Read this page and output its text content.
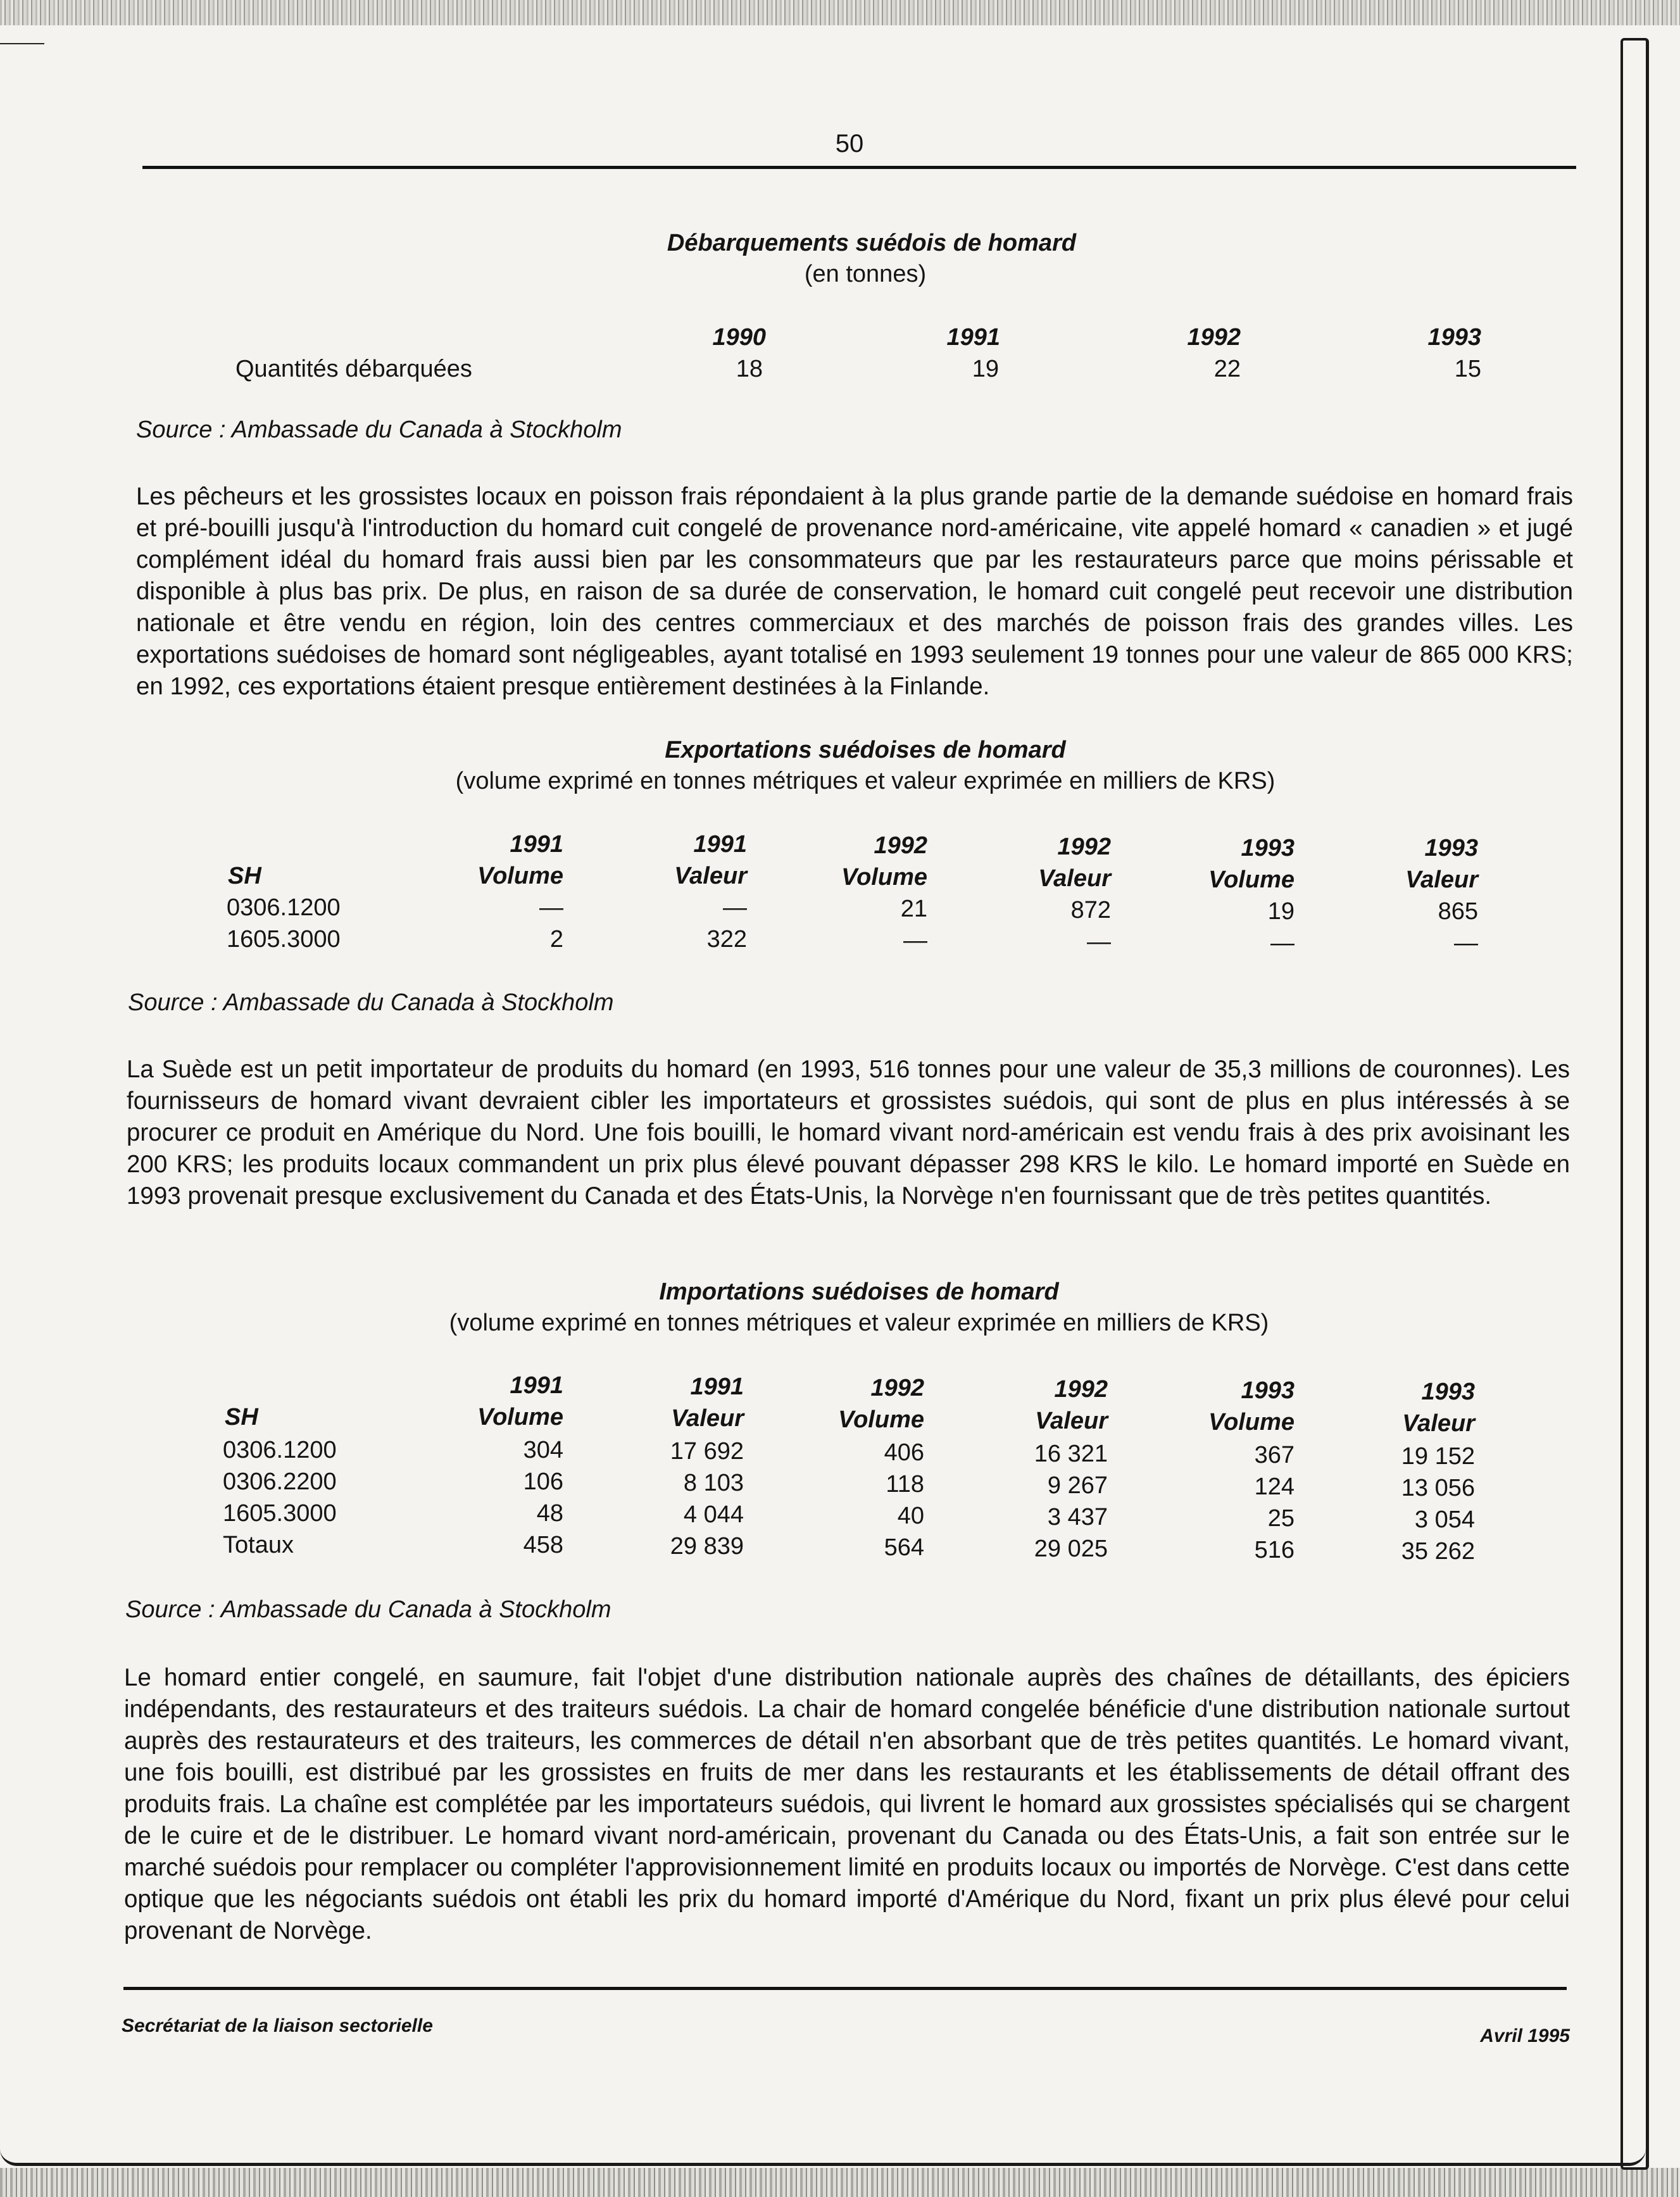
50
Débarquements suédois de homard
(en tonnes)
1990	1991	1992	1993
Quantités débarquées	18	19	22	15
Source : Ambassade du Canada à Stockholm
Les pêcheurs et les grossistes locaux en poisson frais répondaient à la plus grande partie de la demande suédoise en homard frais et pré-bouilli jusqu'à l'introduction du homard cuit congelé de provenance nord-américaine, vite appelé homard « canadien » et jugé complément idéal du homard frais aussi bien par les consommateurs que par les restaurateurs parce que moins périssable et disponible à plus bas prix. De plus, en raison de sa durée de conservation, le homard cuit congelé peut recevoir une distribution nationale et être vendu en région, loin des centres commerciaux et des marchés de poisson frais des grandes villes. Les exportations suédoises de homard sont négligeables, ayant totalisé en 1993 seulement 19 tonnes pour une valeur de 865 000 KRS; en 1992, ces exportations étaient presque entièrement destinées à la Finlande.
Exportations suédoises de homard
(volume exprimé en tonnes métriques et valeur exprimée en milliers de KRS)
1991	1991	1992	1992	1993	1993
SH	Volume	Valeur	Volume	Valeur	Volume	Valeur
0306.1200	—	—	21	872	19	865
1605.3000	2	322	—	—	—	—
Source : Ambassade du Canada à Stockholm
La Suède est un petit importateur de produits du homard (en 1993, 516 tonnes pour une valeur de 35,3 millions de couronnes). Les fournisseurs de homard vivant devraient cibler les importateurs et grossistes suédois, qui sont de plus en plus intéressés à se procurer ce produit en Amérique du Nord. Une fois bouilli, le homard vivant nord-américain est vendu frais à des prix avoisinant les 200 KRS; les produits locaux commandent un prix plus élevé pouvant dépasser 298 KRS le kilo. Le homard importé en Suède en 1993 provenait presque exclusivement du Canada et des États-Unis, la Norvège n'en fournissant que de très petites quantités.
Importations suédoises de homard
(volume exprimé en tonnes métriques et valeur exprimée en milliers de KRS)
1991	1991	1992	1992	1993	1993
SH	Volume	Valeur	Volume	Valeur	Volume	Valeur
0306.1200	304	17 692	406	16 321	367	19 152
0306.2200	106	8 103	118	9 267	124	13 056
1605.3000	48	4 044	40	3 437	25	3 054
Totaux	458	29 839	564	29 025	516	35 262
Source : Ambassade du Canada à Stockholm
Le homard entier congelé, en saumure, fait l'objet d'une distribution nationale auprès des chaînes de détaillants, des épiciers indépendants, des restaurateurs et des traiteurs suédois. La chair de homard congelée bénéficie d'une distribution nationale surtout auprès des restaurateurs et des traiteurs, les commerces de détail n'en absorbant que de très petites quantités. Le homard vivant, une fois bouilli, est distribué par les grossistes en fruits de mer dans les restaurants et les établissements de détail offrant des produits frais. La chaîne est complétée par les importateurs suédois, qui livrent le homard aux grossistes spécialisés qui se chargent de le cuire et de le distribuer. Le homard vivant nord-américain, provenant du Canada ou des États-Unis, a fait son entrée sur le marché suédois pour remplacer ou compléter l'approvisionnement limité en produits locaux ou importés de Norvège. C'est dans cette optique que les négociants suédois ont établi les prix du homard importé d'Amérique du Nord, fixant un prix plus élevé pour celui provenant de Norvège.
Secrétariat de la liaison sectorielle	Avril 1995
